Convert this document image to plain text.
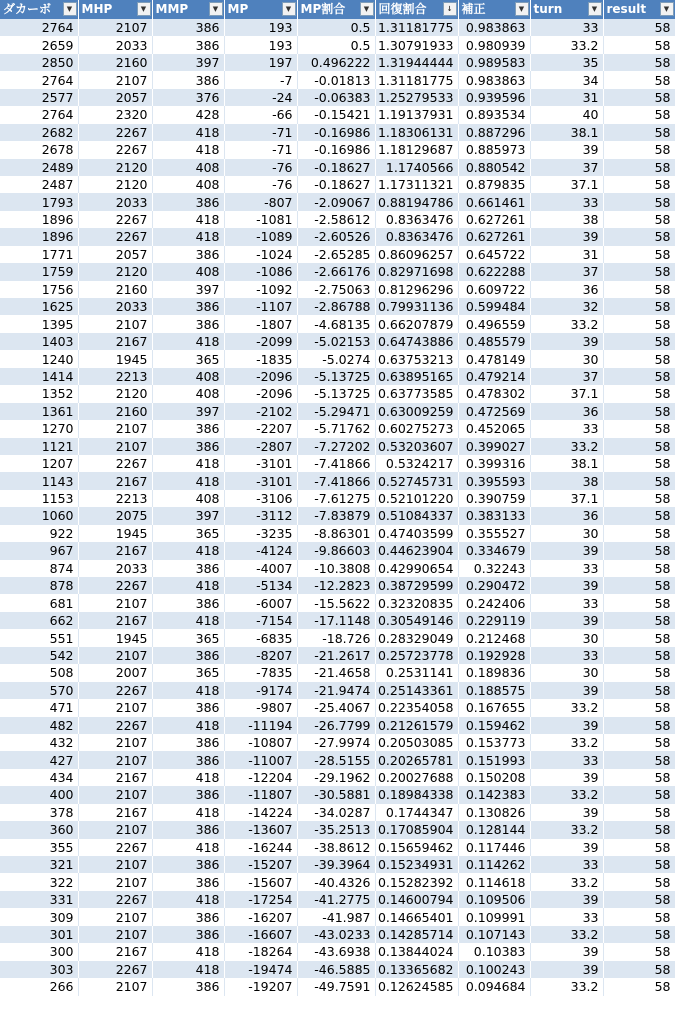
ダカーボ ▼	MHP ▼	MMP ▼	MP ▼	MP割合 ▼	回復割合 ↓	補正 ▼	turn ▼	result ▼

2764	2107	386	193	0.5	1.31181775	0.983863	33	58
2659	2033	386	193	0.5	1.30791933	0.980939	33.2	58
2850	2160	397	197	0.496222	1.31944444	0.989583	35	58
2764	2107	386	-7	-0.01813	1.31181775	0.983863	34	58
2577	2057	376	-24	-0.06383	1.25279533	0.939596	31	58
2764	2320	428	-66	-0.15421	1.19137931	0.893534	40	58
2682	2267	418	-71	-0.16986	1.18306131	0.887296	38.1	58
2678	2267	418	-71	-0.16986	1.18129687	0.885973	39	58
2489	2120	408	-76	-0.18627	1.1740566	0.880542	37	58
2487	2120	408	-76	-0.18627	1.17311321	0.879835	37.1	58
1793	2033	386	-807	-2.09067	0.88194786	0.661461	33	58
1896	2267	418	-1081	-2.58612	0.8363476	0.627261	38	58
1896	2267	418	-1089	-2.60526	0.8363476	0.627261	39	58
1771	2057	386	-1024	-2.65285	0.86096257	0.645722	31	58
1759	2120	408	-1086	-2.66176	0.82971698	0.622288	37	58
1756	2160	397	-1092	-2.75063	0.81296296	0.609722	36	58
1625	2033	386	-1107	-2.86788	0.79931136	0.599484	32	58
1395	2107	386	-1807	-4.68135	0.66207879	0.496559	33.2	58
1403	2167	418	-2099	-5.02153	0.64743886	0.485579	39	58
1240	1945	365	-1835	-5.0274	0.63753213	0.478149	30	58
1414	2213	408	-2096	-5.13725	0.63895165	0.479214	37	58
1352	2120	408	-2096	-5.13725	0.63773585	0.478302	37.1	58
1361	2160	397	-2102	-5.29471	0.63009259	0.472569	36	58
1270	2107	386	-2207	-5.71762	0.60275273	0.452065	33	58
1121	2107	386	-2807	-7.27202	0.53203607	0.399027	33.2	58
1207	2267	418	-3101	-7.41866	0.5324217	0.399316	38.1	58
1143	2167	418	-3101	-7.41866	0.52745731	0.395593	38	58
1153	2213	408	-3106	-7.61275	0.52101220	0.390759	37.1	58
1060	2075	397	-3112	-7.83879	0.51084337	0.383133	36	58
922	1945	365	-3235	-8.86301	0.47403599	0.355527	30	58
967	2167	418	-4124	-9.86603	0.44623904	0.334679	39	58
874	2033	386	-4007	-10.3808	0.42990654	0.32243	33	58
878	2267	418	-5134	-12.2823	0.38729599	0.290472	39	58
681	2107	386	-6007	-15.5622	0.32320835	0.242406	33	58
662	2167	418	-7154	-17.1148	0.30549146	0.229119	39	58
551	1945	365	-6835	-18.726	0.28329049	0.212468	30	58
542	2107	386	-8207	-21.2617	0.25723778	0.192928	33	58
508	2007	365	-7835	-21.4658	0.2531141	0.189836	30	58
570	2267	418	-9174	-21.9474	0.25143361	0.188575	39	58
471	2107	386	-9807	-25.4067	0.22354058	0.167655	33.2	58
482	2267	418	-11194	-26.7799	0.21261579	0.159462	39	58
432	2107	386	-10807	-27.9974	0.20503085	0.153773	33.2	58
427	2107	386	-11007	-28.5155	0.20265781	0.151993	33	58
434	2167	418	-12204	-29.1962	0.20027688	0.150208	39	58
400	2107	386	-11807	-30.5881	0.18984338	0.142383	33.2	58
378	2167	418	-14224	-34.0287	0.1744347	0.130826	39	58
360	2107	386	-13607	-35.2513	0.17085904	0.128144	33.2	58
355	2267	418	-16244	-38.8612	0.15659462	0.117446	39	58
321	2107	386	-15207	-39.3964	0.15234931	0.114262	33	58
322	2107	386	-15607	-40.4326	0.15282392	0.114618	33.2	58
331	2267	418	-17254	-41.2775	0.14600794	0.109506	39	58
309	2107	386	-16207	-41.987	0.14665401	0.109991	33	58
301	2107	386	-16607	-43.0233	0.14285714	0.107143	33.2	58
300	2167	418	-18264	-43.6938	0.13844024	0.10383	39	58
303	2267	418	-19474	-46.5885	0.13365682	0.100243	39	58
266	2107	386	-19207	-49.7591	0.12624585	0.094684	33.2	58
